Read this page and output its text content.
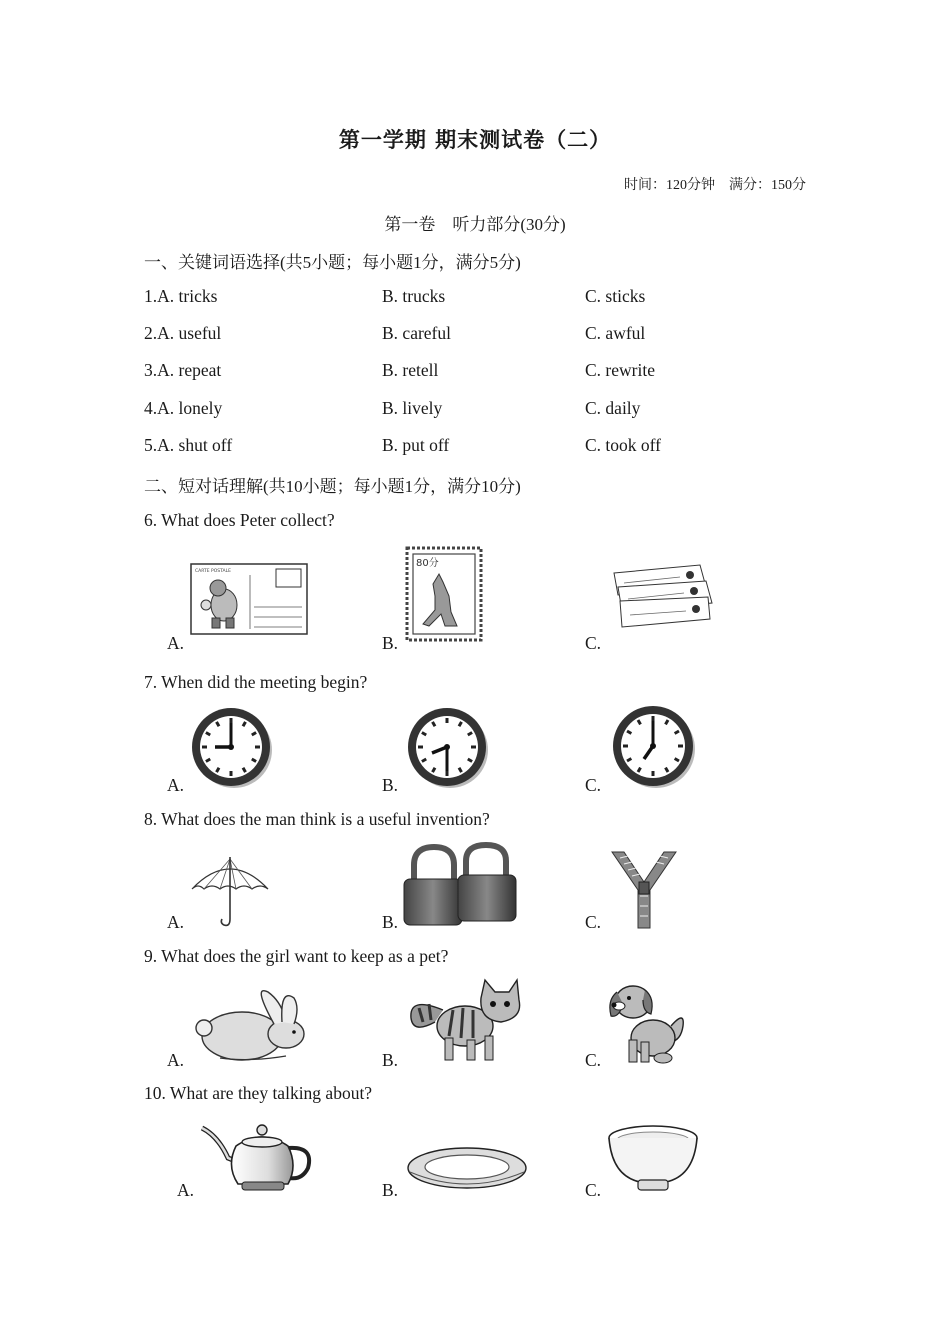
第一学期 期末测试卷（二）
时间：120分钟　满分：150分
第一卷　听力部分(30分)
一、关键词语选择(共5小题；每小题1分，满分5分)
1.A. tricks	B. trucks	C. sticks
2.A. useful	B. careful	C. awful
3.A. repeat	B. retell	C. rewrite
4.A. lonely	B. lively	C. daily
5.A. shut off	B. put off	C. took off
二、短对话理解(共10小题；每小题1分，满分10分)
6. What does Peter collect?
A.	B.	C.
CARTE POSTALE
80分
7. When did the meeting begin?
A.	B.	C.
8. What does the man think is a useful invention?
A.	B.	C.
9. What does the girl want to keep as a pet?
A.	B.	C.
10. What are they talking about?
A.	B.	C.
